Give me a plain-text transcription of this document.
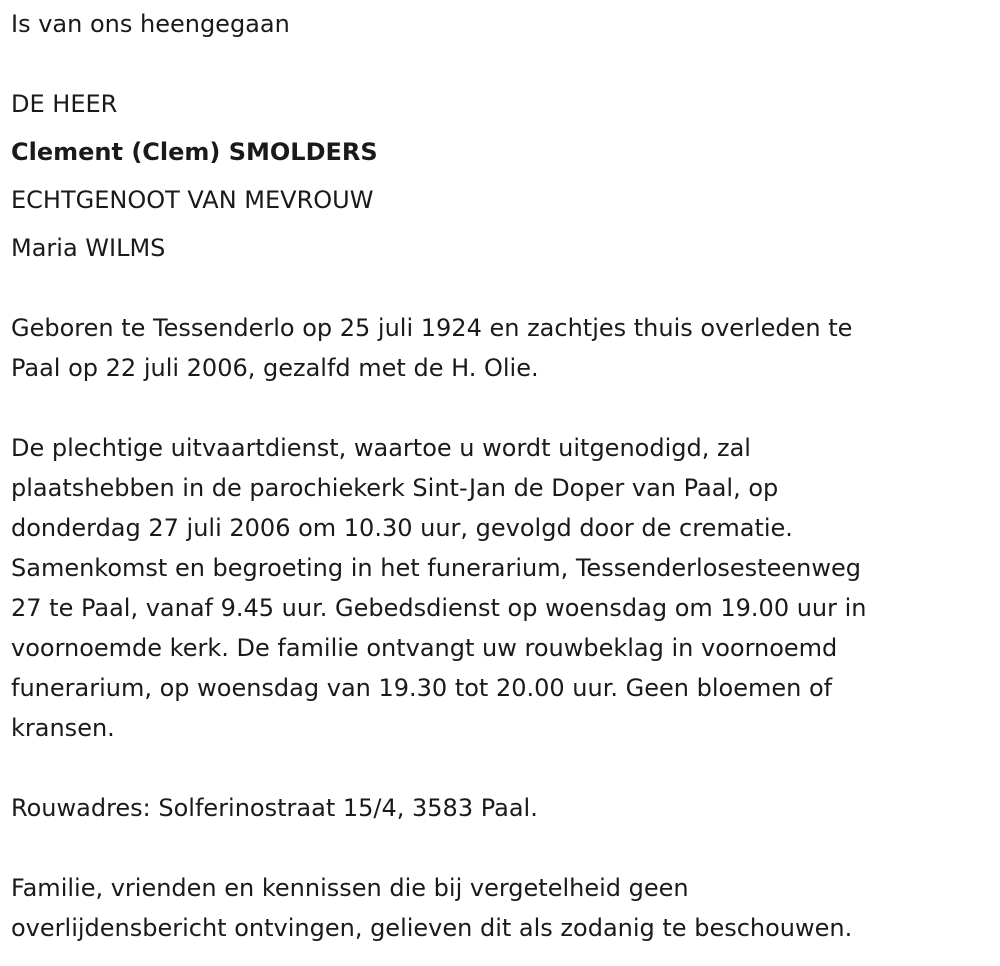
Is van ons heengegaan

DE HEER

Clement (Clem) SMOLDERS

ECHTGENOOT VAN MEVROUW

Maria WILMS

Geboren te Tessenderlo op 25 juli 1924 en zachtjes thuis overleden te

Paal op 22 juli 2006, gezalfd met de H. Olie.

De plechtige uitvaartdienst, waartoe u wordt uitgenodigd, zal

plaatshebben in de parochiekerk Sint-Jan de Doper van Paal, op

donderdag 27 juli 2006 om 10.30 uur, gevolgd door de crematie.

Samenkomst en begroeting in het funerarium, Tessenderlosesteenweg

27 te Paal, vanaf 9.45 uur. Gebedsdienst op woensdag om 19.00 uur in

voornoemde kerk. De familie ontvangt uw rouwbeklag in voornoemd

funerarium, op woensdag van 19.30 tot 20.00 uur. Geen bloemen of

kransen.

Rouwadres: Solferinostraat 15/4, 3583 Paal.

Familie, vrienden en kennissen die bij vergetelheid geen

overlijdensbericht ontvingen, gelieven dit als zodanig te beschouwen.
